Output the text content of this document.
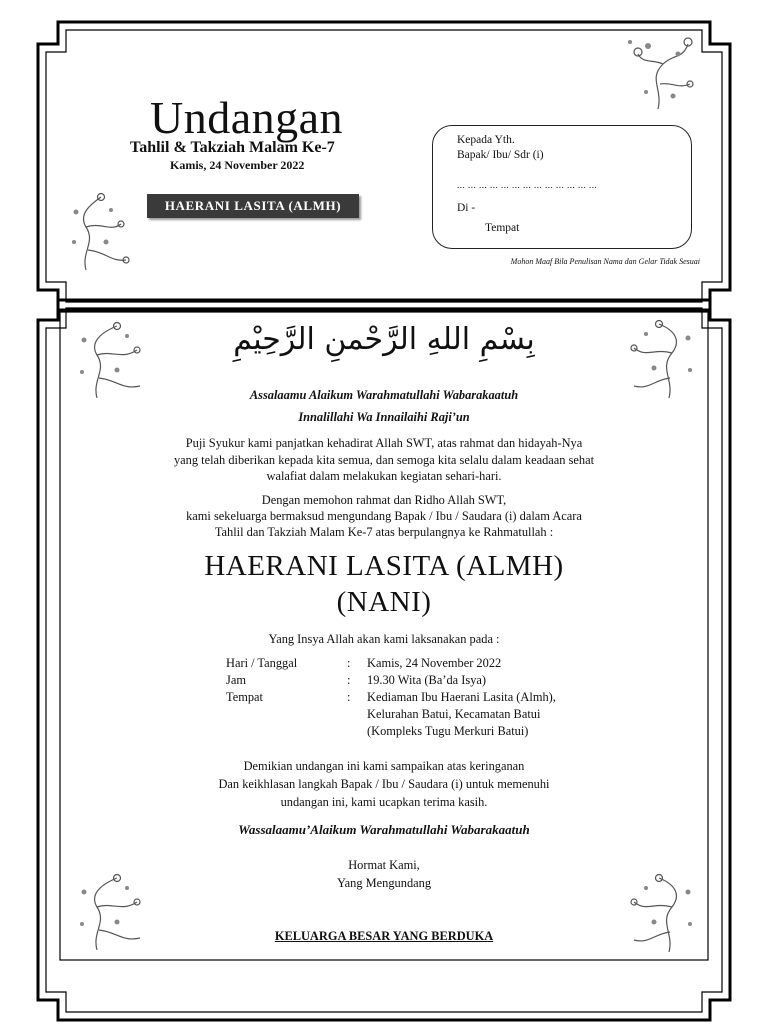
Undangan
Tahlil & Takziah Malam Ke-7
Kamis, 24 November 2022
HAERANI LASITA (ALMH)
Kepada Yth.
Bapak/ Ibu/ Sdr (i)
... ... ... ... ... ... ... ... ... ... ... ... ...
Di -
Tempat
Mohon Maaf Bila Penulisan Nama dan Gelar Tidak Sesuai
بِسْمِ اللهِ الرَّحْمنِ الرَّحِيْمِ
Assalaamu Alaikum Warahmatullahi Wabarakaatuh
Innalillahi Wa Innailaihi Raji’un
Puji Syukur kami panjatkan kehadirat Allah SWT, atas rahmat dan hidayah-Nya
yang telah diberikan kepada kita semua, dan semoga kita selalu dalam keadaan sehat
walafiat dalam melakukan kegiatan sehari-hari.
Dengan memohon rahmat dan Ridho Allah SWT,
kami sekeluarga bermaksud mengundang Bapak / Ibu / Saudara (i) dalam Acara
Tahlil dan Takziah Malam Ke-7 atas berpulangnya ke Rahmatullah :
HAERANI LASITA (ALMH)
(NANI)
Yang Insya Allah akan kami laksanakan pada :
Hari / Tanggal	: Kamis, 24 November 2022
Jam	: 19.30 Wita (Ba’da Isya)
Tempat	: Kediaman Ibu Haerani Lasita (Almh),
Kelurahan Batui, Kecamatan Batui
(Kompleks Tugu Merkuri Batui)
Demikian undangan ini kami sampaikan atas keringanan
Dan keikhlasan langkah Bapak / Ibu / Saudara (i) untuk memenuhi
undangan ini, kami ucapkan terima kasih.
Wassalaamu’Alaikum Warahmatullahi Wabarakaatuh
Hormat Kami,
Yang Mengundang
KELUARGA BESAR YANG BERDUKA
